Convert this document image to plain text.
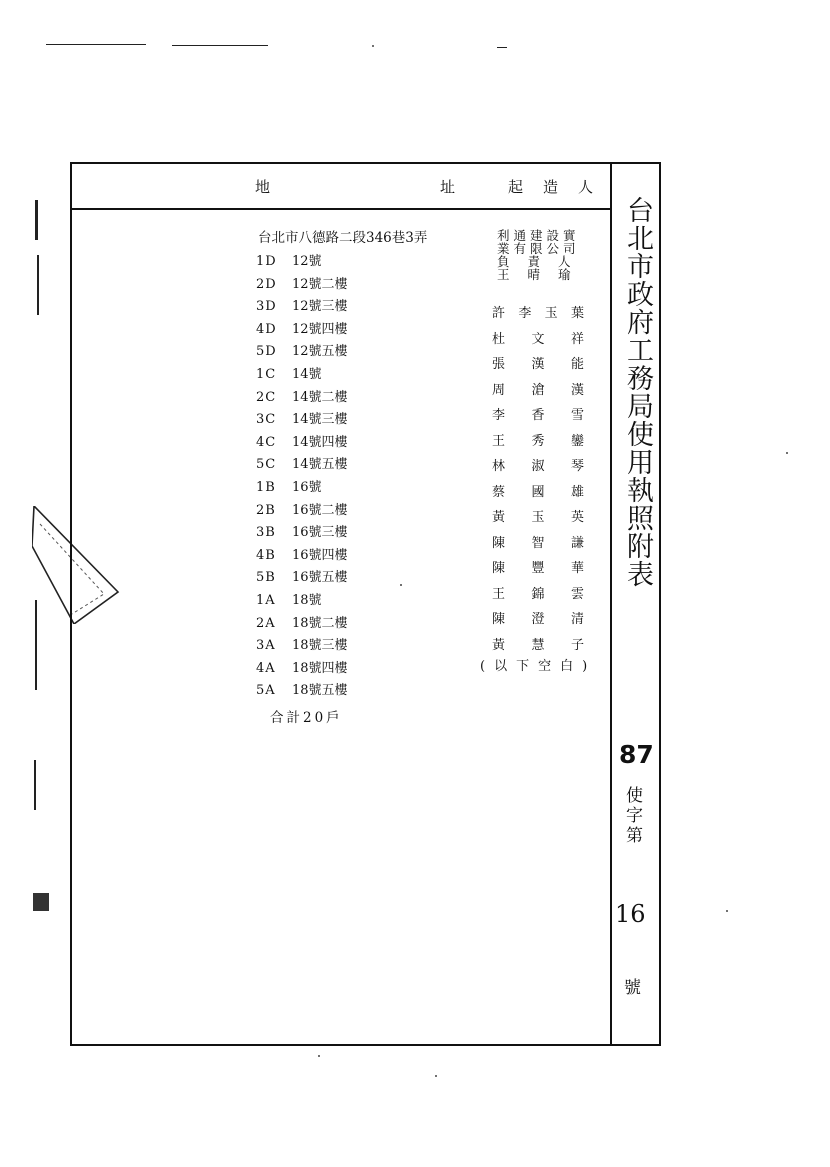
地	址	起 造 人
台北市政府工務局使用執照附表
87
使字第
16
號
台北市八德路二段346巷3弄
1D 12號
2D 12號二樓
3D 12號三樓
4D 12號四樓
5D 12號五樓
1C 14號
2C 14號二樓
3C 14號三樓
4C 14號四樓
5C 14號五樓
1B 16號
2B 16號二樓
3B 16號三樓
4B 16號四樓
5B 16號五樓
1A 18號
2A 18號二樓
3A 18號三樓
4A 18號四樓
5A 18號五樓
合計20戶
利通建設實
業有限公司
負責人
王晴瑜
許 李 玉 葉
杜 文 祥
張 漢 能
周 滄 漢
李 香 雪
王 秀 鑾
林 淑 琴
蔡 國 雄
黃 玉 英
陳 智 謙
陳 豐 華
王 錦 雲
陳 澄 清
黃 慧 子
(以下空白)
